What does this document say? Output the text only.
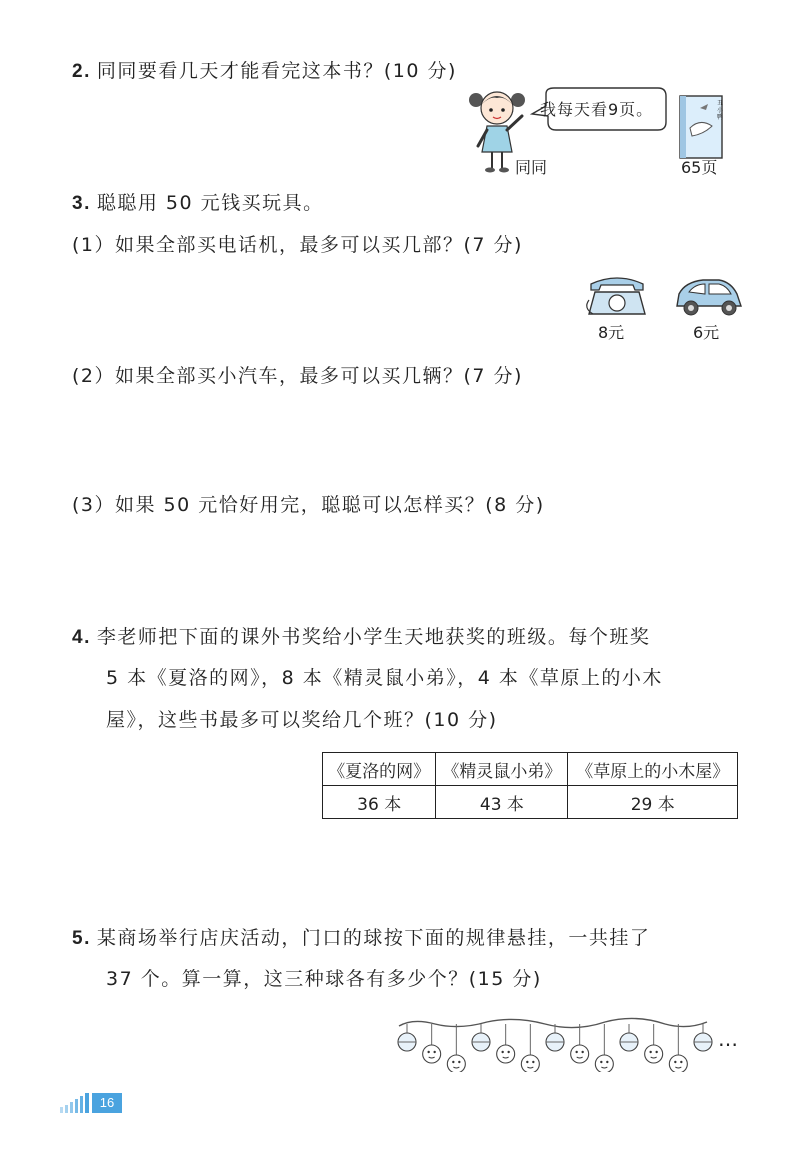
2. 同同要看几天才能看完这本书？(10 分)
我每天看9页。	丑小鸭
同同	65页
3. 聪聪用 50 元钱买玩具。
(1）如果全部买电话机，最多可以买几部？(7 分)
8元	6元
(2）如果全部买小汽车，最多可以买几辆？(7 分)
(3）如果 50 元恰好用完，聪聪可以怎样买？(8 分)
4. 李老师把下面的课外书奖给小学生天地获奖的班级。每个班奖
5 本《夏洛的网》，8 本《精灵鼠小弟》，4 本《草原上的小木
屋》，这些书最多可以奖给几个班？(10 分)
《夏洛的网》	《精灵鼠小弟》	《草原上的小木屋》
36 本	43 本	29 本
5. 某商场举行店庆活动，门口的球按下面的规律悬挂，一共挂了
37 个。算一算，这三种球各有多少个？(15 分)
…
16
